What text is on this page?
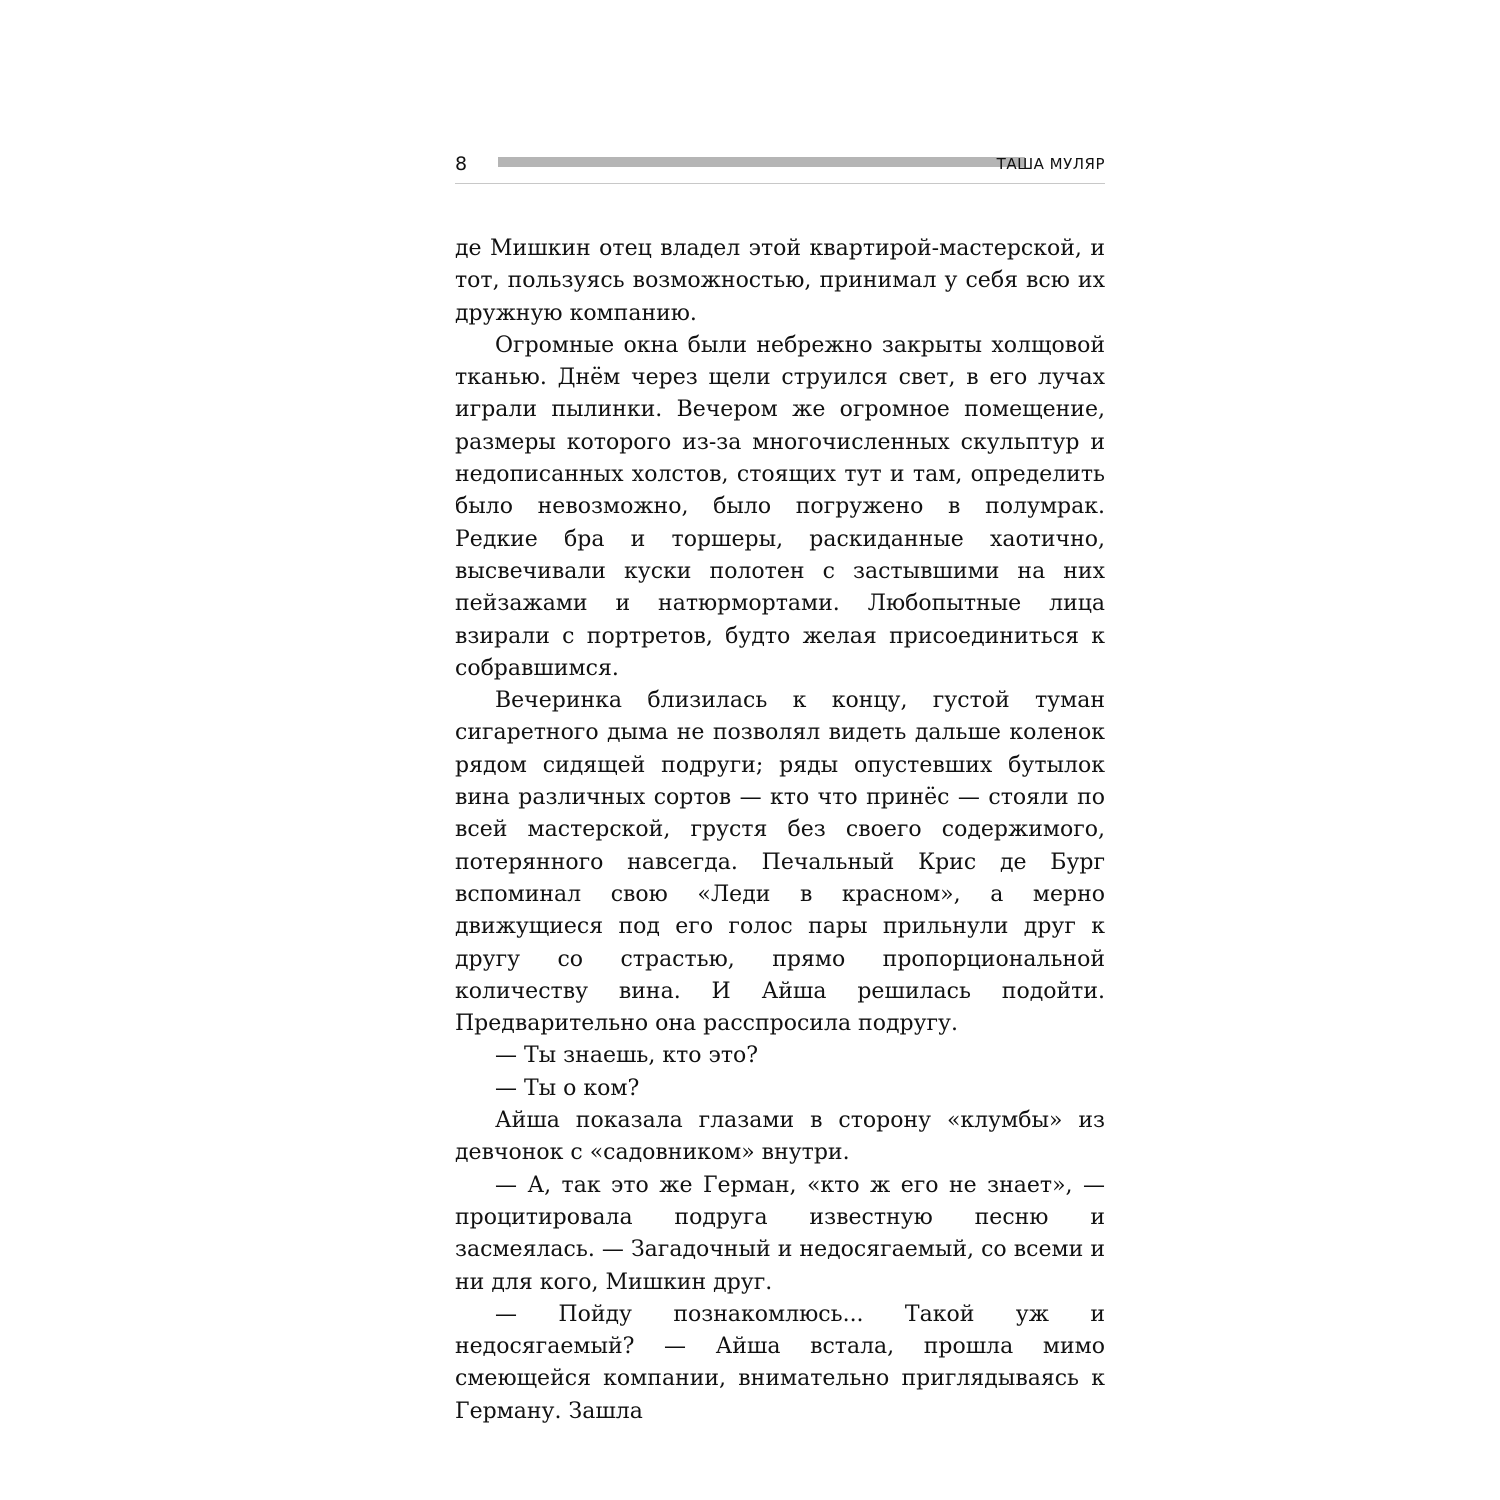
8	ТАША МУЛЯР

де Мишкин отец владел этой квартирой-мастерской, и тот, пользуясь возможностью, принимал у себя всю их дружную компанию.

Огромные окна были небрежно закрыты холщовой тканью. Днём через щели струился свет, в его лучах играли пылинки. Вечером же огромное помещение, размеры которого из-за многочисленных скульптур и недописанных холстов, стоящих тут и там, определить было невозможно, было погружено в полумрак. Редкие бра и торшеры, раскиданные хаотично, высвечивали куски полотен с застывшими на них пейзажами и натюрмортами. Любопытные лица взирали с портретов, будто желая присоединиться к собравшимся.

Вечеринка близилась к концу, густой туман сигаретного дыма не позволял видеть дальше коленок рядом сидящей подруги; ряды опустевших бутылок вина различных сортов — кто что принёс — стояли по всей мастерской, грустя без своего содержимого, потерянного навсегда. Печальный Крис де Бург вспоминал свою «Леди в красном», а мерно движущиеся под его голос пары прильнули друг к другу со страстью, прямо пропорциональной количеству вина. И Айша решилась подойти. Предварительно она расспросила подругу.

— Ты знаешь, кто это?

— Ты о ком?

Айша показала глазами в сторону «клумбы» из девчонок с «садовником» внутри.

— А, так это же Герман, «кто ж его не знает», — процитировала подруга известную песню и засмеялась. — Загадочный и недосягаемый, со всеми и ни для кого, Мишкин друг.

— Пойду познакомлюсь... Такой уж и недосягаемый? — Айша встала, прошла мимо смеющейся компании, внимательно приглядываясь к Герману. Зашла
